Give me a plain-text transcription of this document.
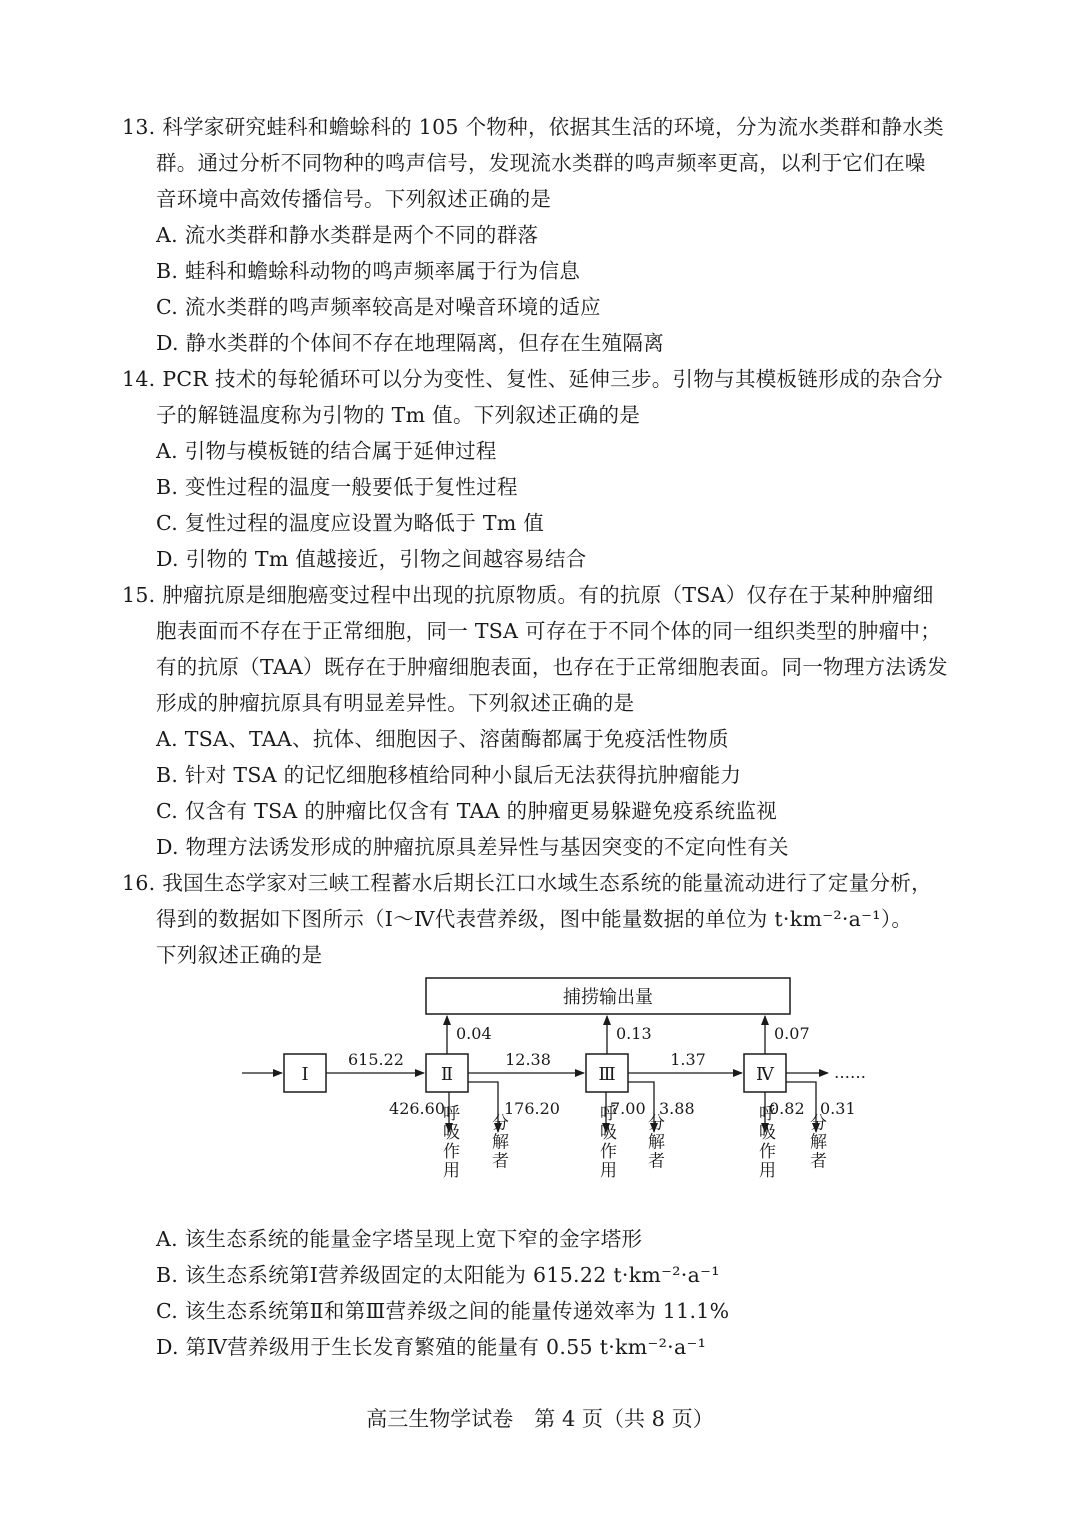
13. 科学家研究蛙科和蟾蜍科的 105 个物种，依据其生活的环境，分为流水类群和静水类
群。通过分析不同物种的鸣声信号，发现流水类群的鸣声频率更高，以利于它们在噪
音环境中高效传播信号。下列叙述正确的是
A. 流水类群和静水类群是两个不同的群落
B. 蛙科和蟾蜍科动物的鸣声频率属于行为信息
C. 流水类群的鸣声频率较高是对噪音环境的适应
D. 静水类群的个体间不存在地理隔离，但存在生殖隔离
14. PCR 技术的每轮循环可以分为变性、复性、延伸三步。引物与其模板链形成的杂合分
子的解链温度称为引物的 Tm 值。下列叙述正确的是
A. 引物与模板链的结合属于延伸过程
B. 变性过程的温度一般要低于复性过程
C. 复性过程的温度应设置为略低于 Tm 值
D. 引物的 Tm 值越接近，引物之间越容易结合
15. 肿瘤抗原是细胞癌变过程中出现的抗原物质。有的抗原（TSA）仅存在于某种肿瘤细
胞表面而不存在于正常细胞，同一 TSA 可存在于不同个体的同一组织类型的肿瘤中；
有的抗原（TAA）既存在于肿瘤细胞表面，也存在于正常细胞表面。同一物理方法诱发
形成的肿瘤抗原具有明显差异性。下列叙述正确的是
A. TSA、TAA、抗体、细胞因子、溶菌酶都属于免疫活性物质
B. 针对 TSA 的记忆细胞移植给同种小鼠后无法获得抗肿瘤能力
C. 仅含有 TSA 的肿瘤比仅含有 TAA 的肿瘤更易躲避免疫系统监视
D. 物理方法诱发形成的肿瘤抗原具差异性与基因突变的不定向性有关
16. 我国生态学家对三峡工程蓄水后期长江口水域生态系统的能量流动进行了定量分析，
得到的数据如下图所示（Ⅰ～Ⅳ代表营养级，图中能量数据的单位为 t·km⁻²·a⁻¹）。
下列叙述正确的是
捕捞输出量
Ⅰ	Ⅱ	Ⅲ	Ⅳ	……
615.22	12.38	1.37
0.04	0.13	0.07
426.60	176.20	7.00 3.88	0.82 0.31
呼吸作用 分解者	呼吸作用 分解者	呼吸作用 分解者
A. 该生态系统的能量金字塔呈现上宽下窄的金字塔形
B. 该生态系统第Ⅰ营养级固定的太阳能为 615.22 t·km⁻²·a⁻¹
C. 该生态系统第Ⅱ和第Ⅲ营养级之间的能量传递效率为 11.1%
D. 第Ⅳ营养级用于生长发育繁殖的能量有 0.55 t·km⁻²·a⁻¹
高三生物学试卷　第 4 页（共 8 页）
